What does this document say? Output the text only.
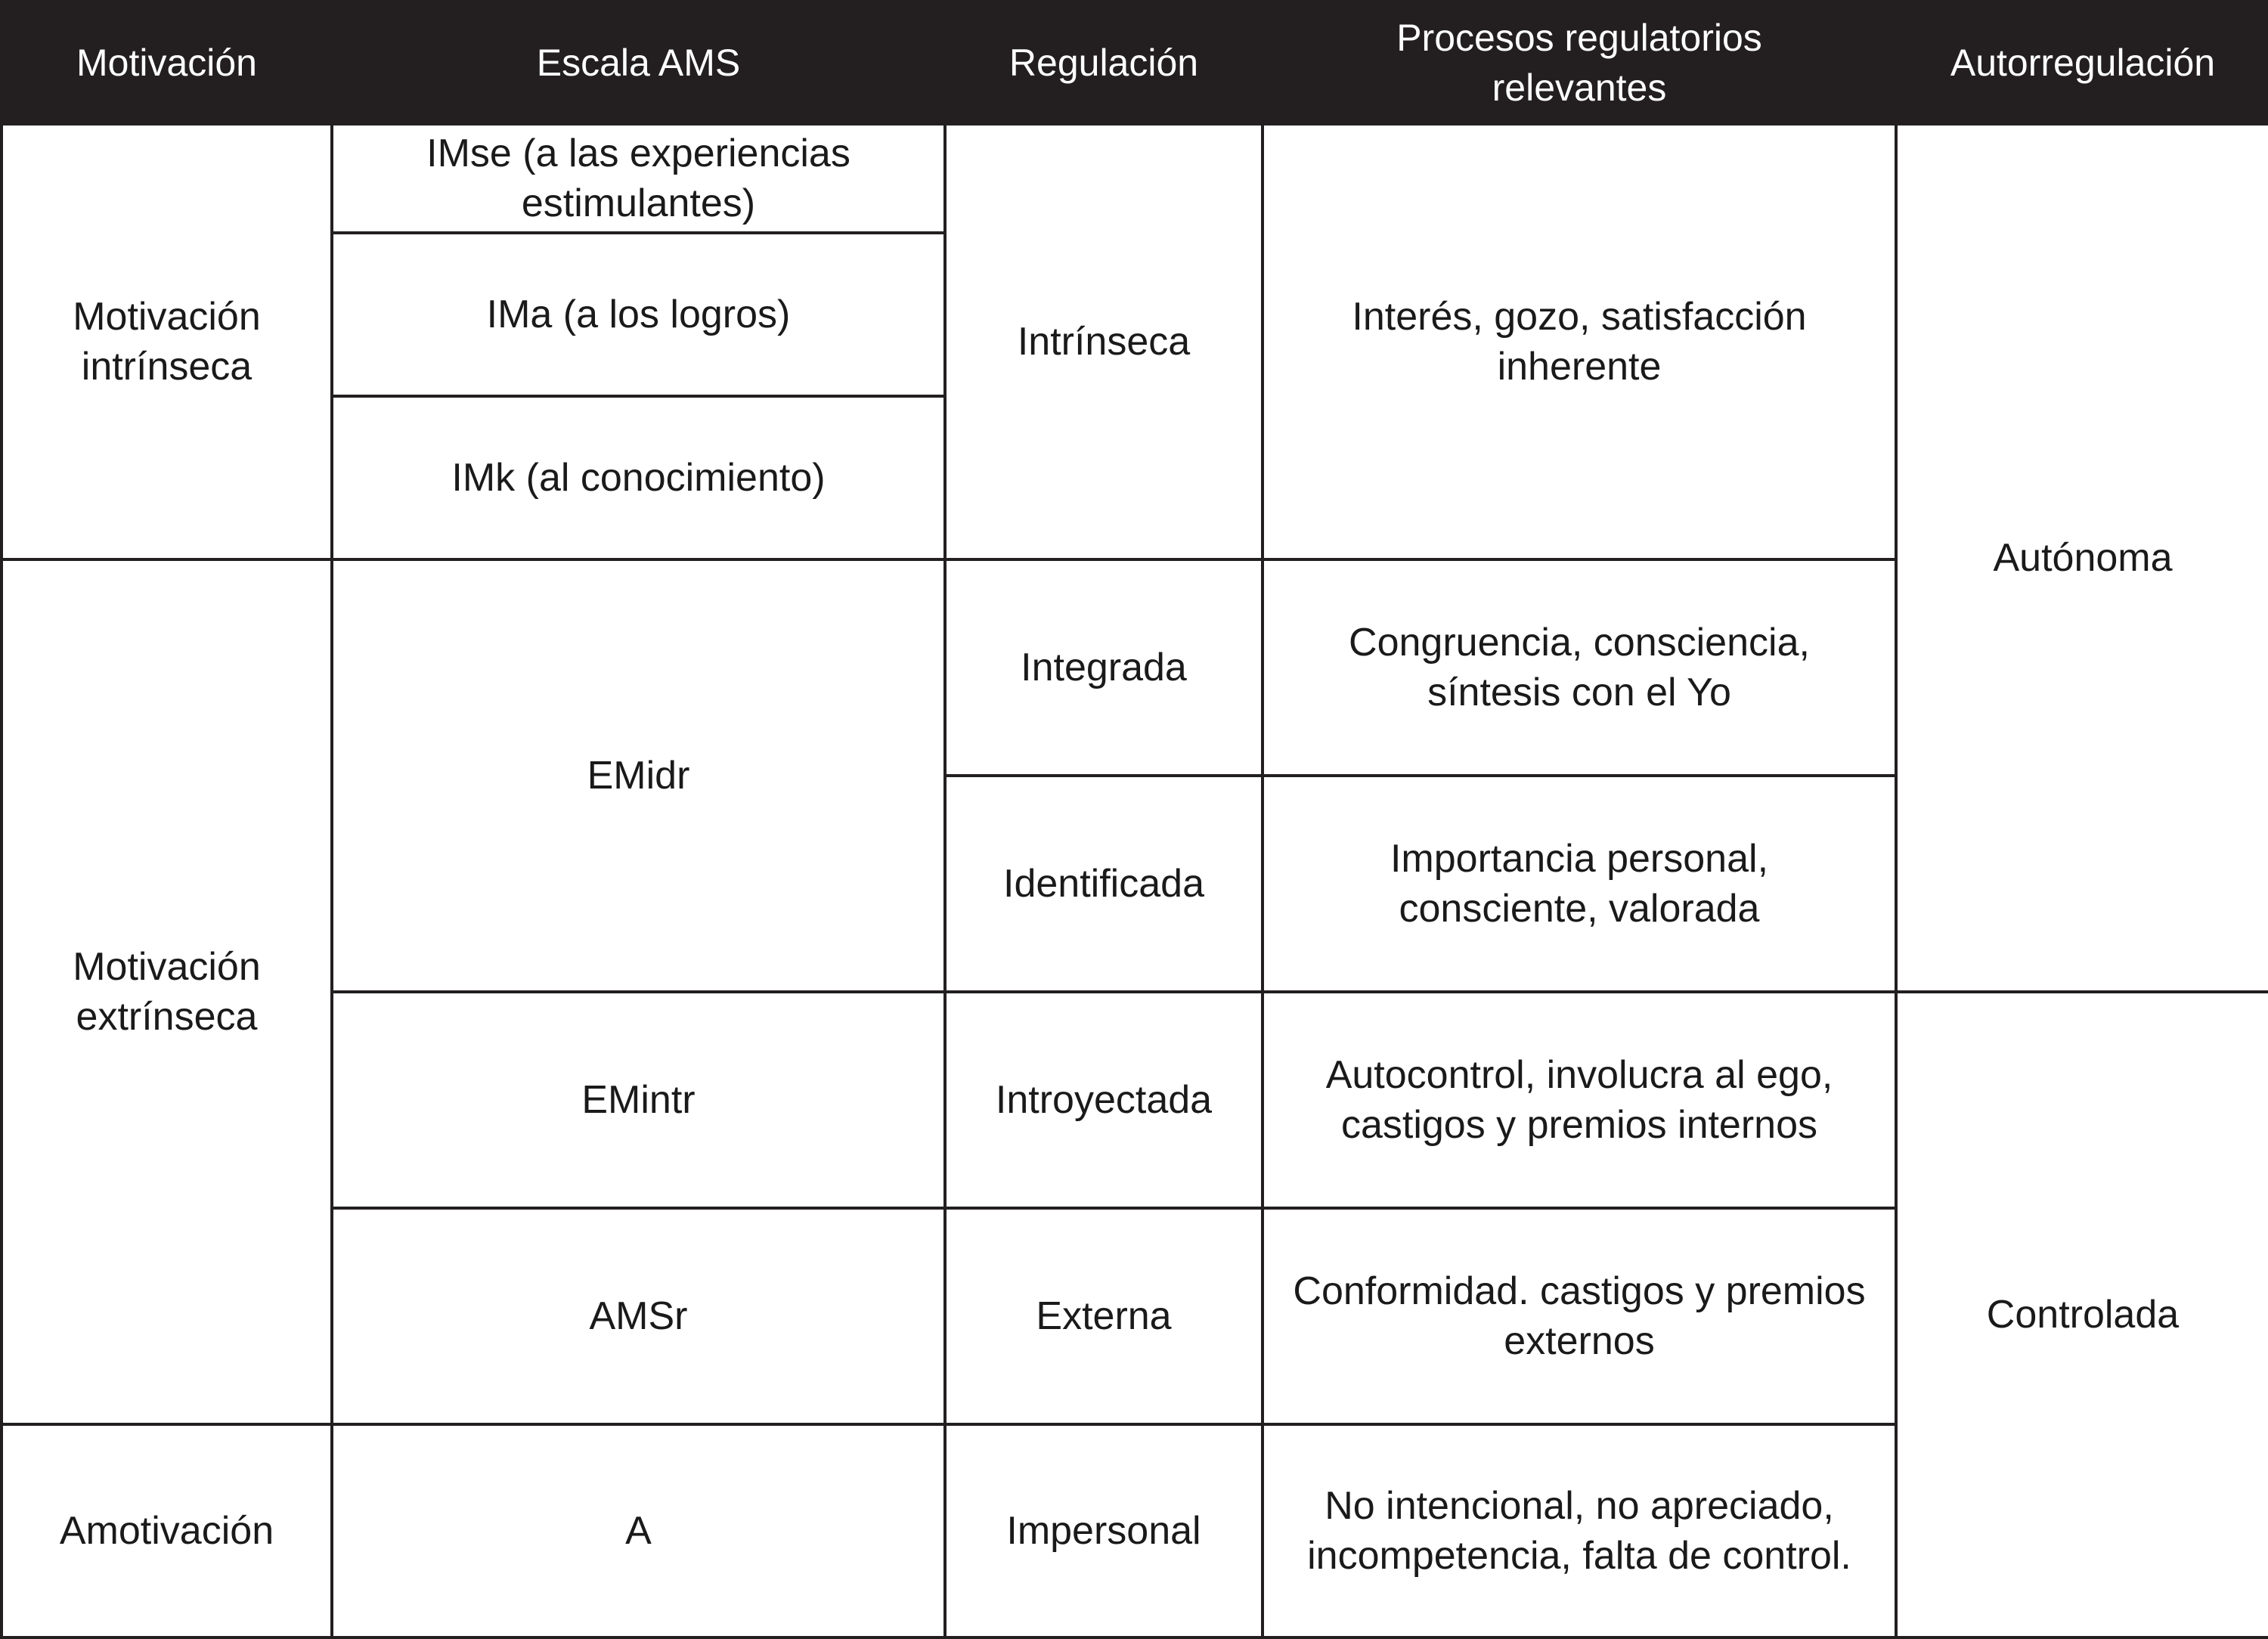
Motivación	Escala AMS	Regulación	Procesos regulatorios relevantes	Autorregulación
Motivación intrínseca	IMse (a las experiencias estimulantes)	Intrínseca	Interés, gozo, satisfacción inherente	Autónoma
	IMa (a los logros)			
	IMk (al conocimiento)			
Motivación extrínseca	EMidr	Integrada	Congruencia, consciencia, síntesis con el Yo	
		Identificada	Importancia personal, consciente, valorada	
	EMintr	Introyectada	Autocontrol, involucra al ego, castigos y premios internos	Controlada
	AMSr	Externa	Conformidad. castigos y premios externos	
Amotivación	A	Impersonal	No intencional, no apreciado, incompetencia, falta de control.	
